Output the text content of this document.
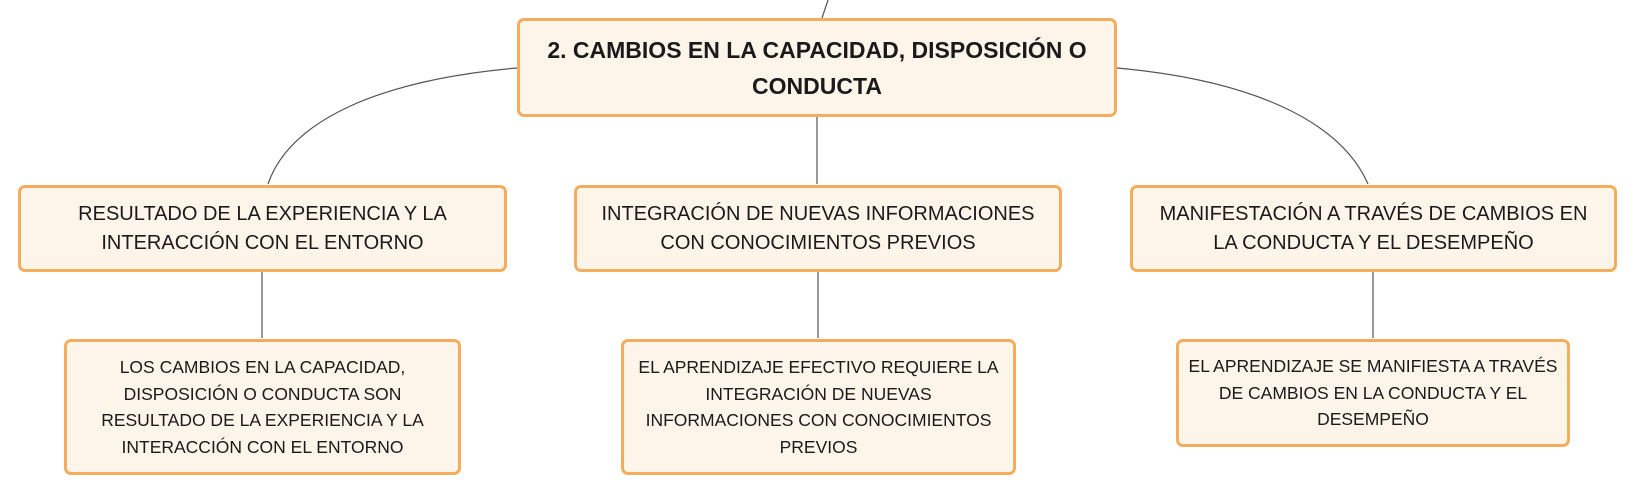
2. CAMBIOS EN LA CAPACIDAD, DISPOSICIÓN O CONDUCTA
RESULTADO DE LA EXPERIENCIA Y LA INTERACCIÓN CON EL ENTORNO
INTEGRACIÓN DE NUEVAS INFORMACIONES CON CONOCIMIENTOS PREVIOS
MANIFESTACIÓN A TRAVÉS DE CAMBIOS EN LA CONDUCTA Y EL DESEMPEÑO
LOS CAMBIOS EN LA CAPACIDAD, DISPOSICIÓN O CONDUCTA SON RESULTADO DE LA EXPERIENCIA Y LA INTERACCIÓN CON EL ENTORNO
EL APRENDIZAJE EFECTIVO REQUIERE LA INTEGRACIÓN DE NUEVAS INFORMACIONES CON CONOCIMIENTOS PREVIOS
EL APRENDIZAJE SE MANIFIESTA A TRAVÉS DE CAMBIOS EN LA CONDUCTA Y EL DESEMPEÑO
